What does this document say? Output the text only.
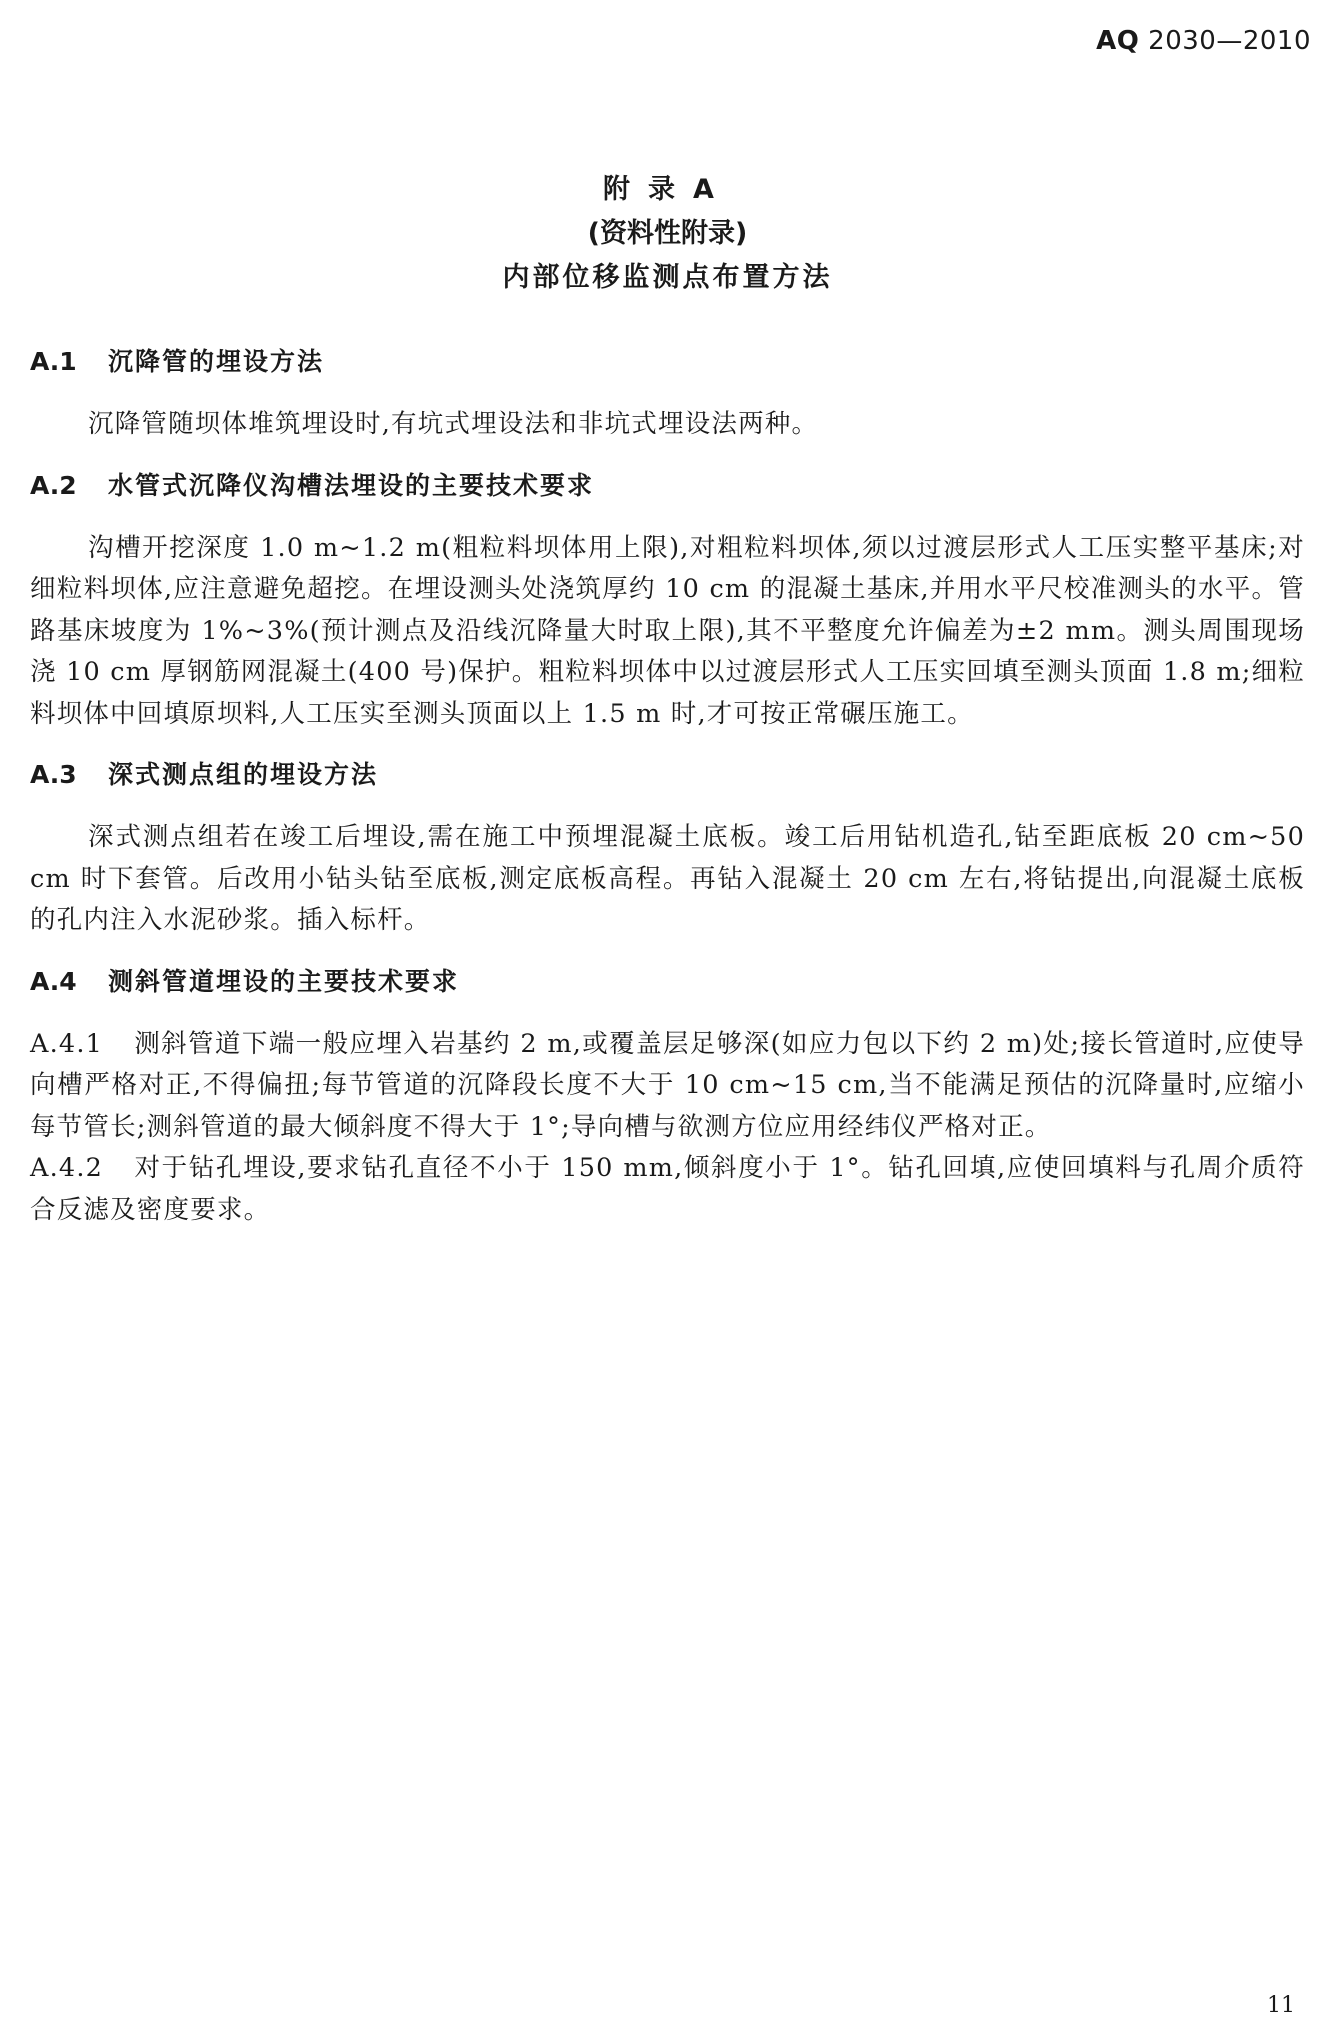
AQ 2030—2010
附录A
(资料性附录)
内部位移监测点布置方法
A.1 沉降管的埋设方法

沉降管随坝体堆筑埋设时,有坑式埋设法和非坑式埋设法两种。

A.2 水管式沉降仪沟槽法埋设的主要技术要求

沟槽开挖深度 1.0 m~1.2 m(粗粒料坝体用上限),对粗粒料坝体,须以过渡层形式人工压实整平基床;对细粒料坝体,应注意避免超挖。在埋设测头处浇筑厚约 10 cm 的混凝土基床,并用水平尺校准测头的水平。管路基床坡度为 1%~3%(预计测点及沿线沉降量大时取上限),其不平整度允许偏差为±2 mm。测头周围现场浇 10 cm 厚钢筋网混凝土(400 号)保护。粗粒料坝体中以过渡层形式人工压实回填至测头顶面 1.8 m;细粒料坝体中回填原坝料,人工压实至测头顶面以上 1.5 m 时,才可按正常碾压施工。

A.3 深式测点组的埋设方法

深式测点组若在竣工后埋设,需在施工中预埋混凝土底板。竣工后用钻机造孔,钻至距底板 20 cm~50 cm 时下套管。后改用小钻头钻至底板,测定底板高程。再钻入混凝土 20 cm 左右,将钻提出,向混凝土底板的孔内注入水泥砂浆。插入标杆。

A.4 测斜管道埋设的主要技术要求

A.4.1 测斜管道下端一般应埋入岩基约 2 m,或覆盖层足够深(如应力包以下约 2 m)处;接长管道时,应使导向槽严格对正,不得偏扭;每节管道的沉降段长度不大于 10 cm~15 cm,当不能满足预估的沉降量时,应缩小每节管长;测斜管道的最大倾斜度不得大于 1°;导向槽与欲测方位应用经纬仪严格对正。

A.4.2 对于钻孔埋设,要求钻孔直径不小于 150 mm,倾斜度小于 1°。钻孔回填,应使回填料与孔周介质符合反滤及密度要求。

11
